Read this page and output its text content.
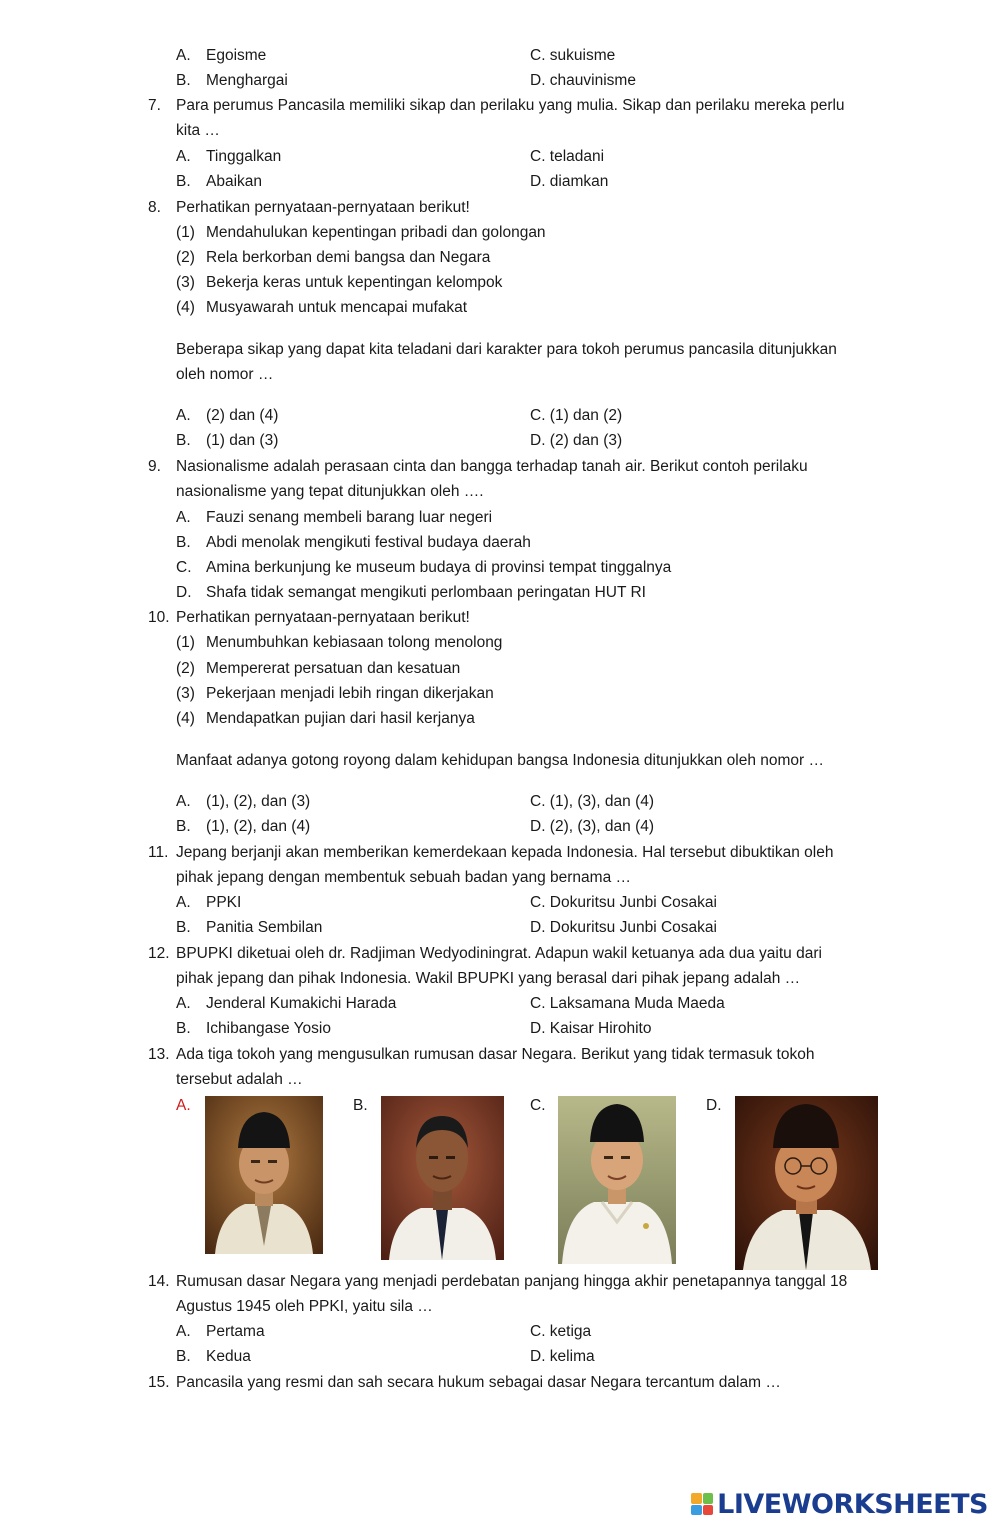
A. Egoisme	C. sukuisme
B. Menghargai	D. chauvinisme
7. Para perumus Pancasila memiliki sikap dan perilaku yang mulia. Sikap dan perilaku mereka perlu
kita …
A. Tinggalkan	C. teladani
B. Abaikan	D. diamkan
8. Perhatikan pernyataan-pernyataan berikut!
(1) Mendahulukan kepentingan pribadi dan golongan
(2) Rela berkorban demi bangsa dan Negara
(3) Bekerja keras untuk kepentingan kelompok
(4) Musyawarah untuk mencapai mufakat
Beberapa sikap yang dapat kita teladani dari karakter para tokoh perumus pancasila ditunjukkan
oleh nomor …
A. (2) dan (4)	C. (1) dan (2)
B. (1) dan (3)	D. (2) dan (3)
9. Nasionalisme adalah perasaan cinta dan bangga terhadap tanah air. Berikut contoh perilaku
nasionalisme yang tepat ditunjukkan oleh ….
A. Fauzi senang membeli barang luar negeri
B. Abdi menolak mengikuti festival budaya daerah
C. Amina berkunjung ke museum budaya di provinsi tempat tinggalnya
D. Shafa tidak semangat mengikuti perlombaan peringatan HUT RI
10. Perhatikan pernyataan-pernyataan berikut!
(1) Menumbuhkan kebiasaan tolong menolong
(2) Mempererat persatuan dan kesatuan
(3) Pekerjaan menjadi lebih ringan dikerjakan
(4) Mendapatkan pujian dari hasil kerjanya
Manfaat adanya gotong royong dalam kehidupan bangsa Indonesia ditunjukkan oleh nomor …
A. (1), (2), dan (3)	C. (1), (3), dan (4)
B. (1), (2), dan (4)	D. (2), (3), dan (4)
11. Jepang berjanji akan memberikan kemerdekaan kepada Indonesia. Hal tersebut dibuktikan oleh
pihak jepang dengan membentuk sebuah badan yang bernama …
A. PPKI	C. Dokuritsu Junbi Cosakai
B. Panitia Sembilan	D. Dokuritsu Junbi Cosakai
12. BPUPKI diketuai oleh dr. Radjiman Wedyodiningrat. Adapun wakil ketuanya ada dua yaitu dari
pihak jepang dan pihak Indonesia. Wakil BPUPKI yang berasal dari pihak jepang adalah …
A. Jenderal Kumakichi Harada	C. Laksamana Muda Maeda
B. Ichibangase Yosio	D. Kaisar Hirohito
13. Ada tiga tokoh yang mengusulkan rumusan dasar Negara. Berikut yang tidak termasuk tokoh
tersebut adalah …
A.	B.	C.	D.
14. Rumusan dasar Negara yang menjadi perdebatan panjang hingga akhir penetapannya tanggal 18
Agustus 1945 oleh PPKI, yaitu sila …
A. Pertama	C. ketiga
B. Kedua	D. kelima
15. Pancasila yang resmi dan sah secara hukum sebagai dasar Negara tercantum dalam …
LIVEWORKSHEETS
